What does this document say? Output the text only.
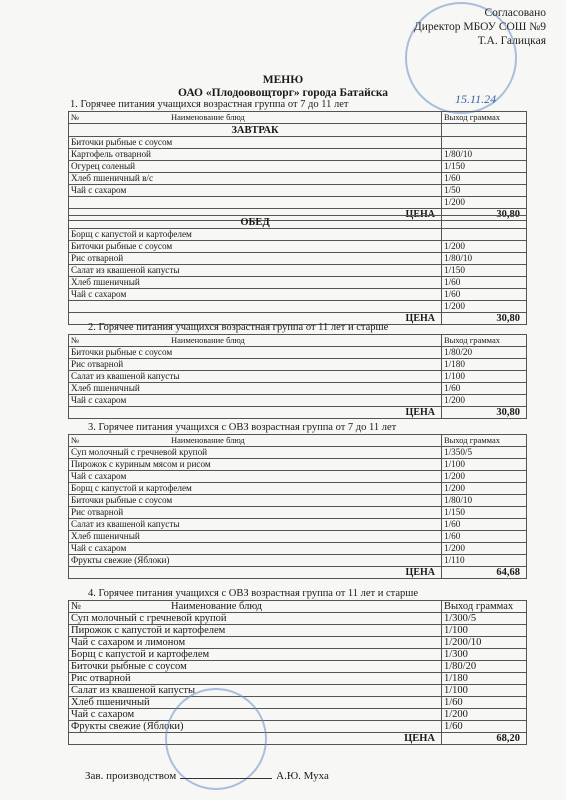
Согласовано
Директор МБОУ СОШ №9
Т.А. Галицкая
15.11.24
МЕНЮ
ОАО «Плодоовощторг» города Батайска
1. Горячее питания учащихся возрастная группа от 7 до 11 лет
№ Наименование блюд	Выход граммах
ЗАВТРАК	
Биточки рыбные с соусом	
Картофель отварной	1/80/10
Огурец соленый	1/150
Хлеб пшеничный в/с	1/60
Чай с сахаром	1/50
	1/200
ЦЕНА	30,80
ОБЕД	
Борщ с капустой и картофелем	
Биточки рыбные с соусом	1/200
Рис отварной	1/80/10
Салат из квашеной капусты	1/150
Хлеб пшеничный	1/60
Чай с сахаром	1/60
	1/200
ЦЕНА	30,80
2. Горячее питания учащихся возрастная группа от 11 лет и старше
№ Наименование блюд	Выход граммах
Биточки рыбные с соусом	1/80/20
Рис отварной	1/180
Салат из квашеной капусты	1/100
Хлеб пшеничный	1/60
Чай с сахаром	1/200
ЦЕНА	30,80
3. Горячее питания учащихся с ОВЗ возрастная группа от 7 до 11 лет
№ Наименование блюд	Выход граммах
Суп молочный с гречневой крупой	1/350/5
Пирожок с куриным мясом и рисом	1/100
Чай с сахаром	1/200
Борщ с капустой и картофелем	1/200
Биточки рыбные с соусом	1/80/10
Рис отварной	1/150
Салат из квашеной капусты	1/60
Хлеб пшеничный	1/60
Чай с сахаром	1/200
Фрукты свежие (Яблоки)	1/110
ЦЕНА	64,68
4. Горячее питания учащихся с ОВЗ возрастная группа от 11 лет и старше
№ Наименование блюд	Выход граммах
Суп молочный с гречневой крупой	1/300/5
Пирожок с капустой и картофелем	1/100
Чай с сахаром и лимоном	1/200/10
Борщ с капустой и картофелем	1/300
Биточки рыбные с соусом	1/80/20
Рис отварной	1/180
Салат из квашеной капусты	1/100
Хлеб пшеничный	1/60
Чай с сахаром	1/200
Фрукты свежие (Яблоки)	1/60
ЦЕНА	68,20
Зав. производством	А.Ю. Муха
